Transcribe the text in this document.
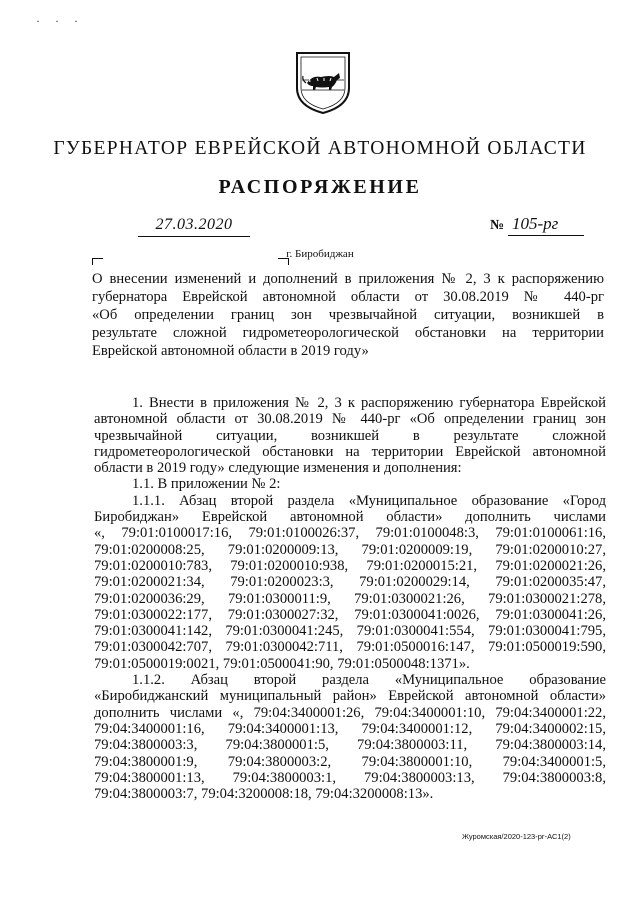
· · ·
ГУБЕРНАТОР ЕВРЕЙСКОЙ АВТОНОМНОЙ ОБЛАСТИ
РАСПОРЯЖЕНИЕ
27.03.2020	№ 105-рг
г. Биробиджан
О внесении изменений и дополнений в приложения № 2, 3 к распоряжению
губернатора Еврейской автономной области от 30.08.2019 № 440-рг
«Об определении границ зон чрезвычайной ситуации, возникшей в
результате сложной гидрометеорологической обстановки на территории
Еврейской автономной области в 2019 году»
1. Внести в приложения № 2, 3 к распоряжению губернатора Еврейской
автономной области от 30.08.2019 № 440-рг «Об определении границ зон
чрезвычайной ситуации, возникшей в результате сложной
гидрометеорологической обстановки на территории Еврейской автономной
области в 2019 году» следующие изменения и дополнения:
1.1. В приложении № 2:
1.1.1. Абзац второй раздела «Муниципальное образование «Город
Биробиджан» Еврейской автономной области» дополнить числами
«, 79:01:0100017:16, 79:01:0100026:37, 79:01:0100048:3, 79:01:0100061:16,
79:01:0200008:25, 79:01:0200009:13, 79:01:0200009:19, 79:01:0200010:27,
79:01:0200010:783, 79:01:0200010:938, 79:01:0200015:21, 79:01:0200021:26,
79:01:0200021:34, 79:01:0200023:3, 79:01:0200029:14, 79:01:0200035:47,
79:01:0200036:29, 79:01:0300011:9, 79:01:0300021:26, 79:01:0300021:278,
79:01:0300022:177, 79:01:0300027:32, 79:01:0300041:0026, 79:01:0300041:26,
79:01:0300041:142, 79:01:0300041:245, 79:01:0300041:554, 79:01:0300041:795,
79:01:0300042:707, 79:01:0300042:711, 79:01:0500016:147, 79:01:0500019:590,
79:01:0500019:0021, 79:01:0500041:90, 79:01:0500048:1371».
1.1.2. Абзац второй раздела «Муниципальное образование
«Биробиджанский муниципальный район» Еврейской автономной области»
дополнить числами «, 79:04:3400001:26, 79:04:3400001:10, 79:04:3400001:22,
79:04:3400001:16, 79:04:3400001:13, 79:04:3400001:12, 79:04:3400002:15,
79:04:3800003:3, 79:04:3800001:5, 79:04:3800003:11, 79:04:3800003:14,
79:04:3800001:9, 79:04:3800003:2, 79:04:3800001:10, 79:04:3400001:5,
79:04:3800001:13, 79:04:3800003:1, 79:04:3800003:13, 79:04:3800003:8,
79:04:3800003:7, 79:04:3200008:18, 79:04:3200008:13».
Журомская/2020-123-рг-АС1(2)
